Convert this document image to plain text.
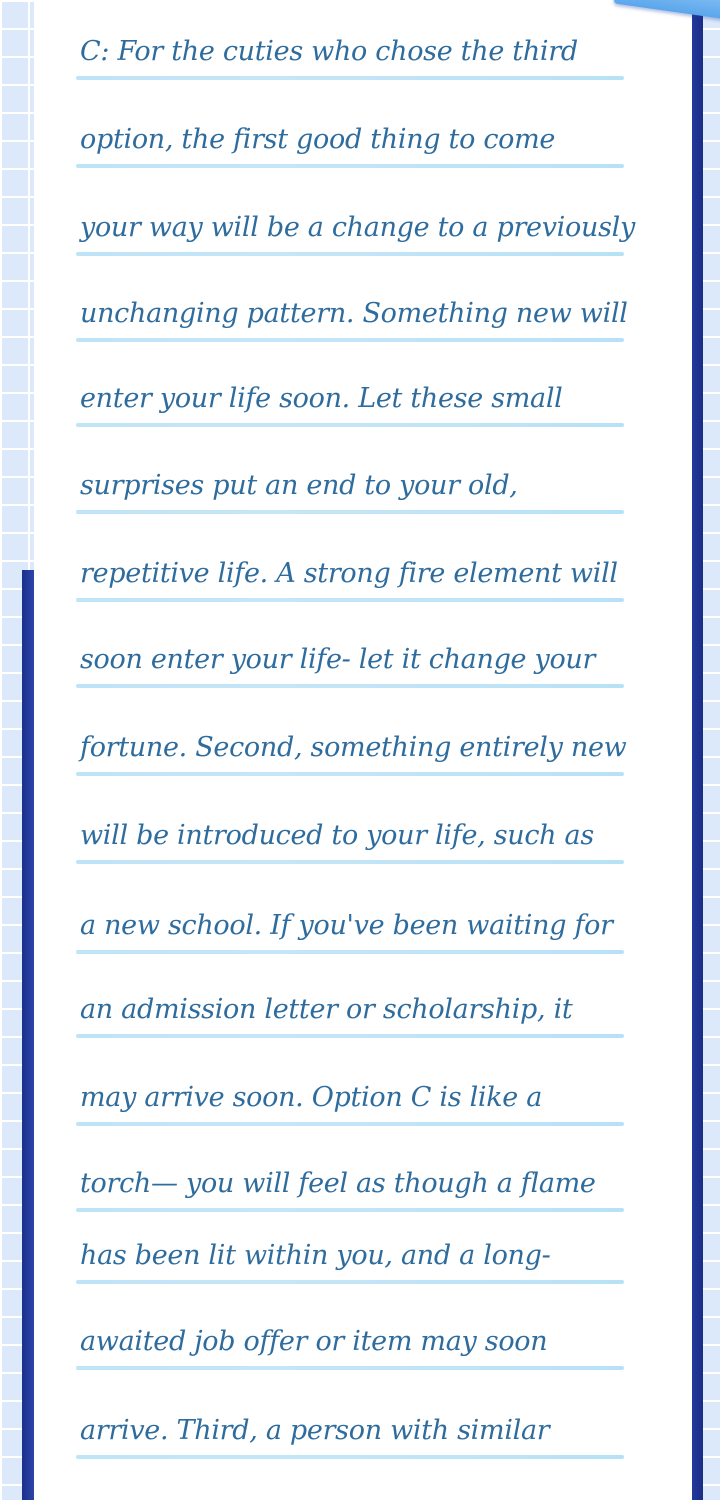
C: For the cuties who chose the third
option, the first good thing to come
your way will be a change to a previously
unchanging pattern. Something new will
enter your life soon. Let these small
surprises put an end to your old,
repetitive life. A strong fire element will
soon enter your life- let it change your
fortune. Second, something entirely new
will be introduced to your life, such as
a new school. If you've been waiting for
an admission letter or scholarship, it
may arrive soon. Option C is like a
torch— you will feel as though a flame
has been lit within you, and a long-
awaited job offer or item may soon
arrive. Third, a person with similar
